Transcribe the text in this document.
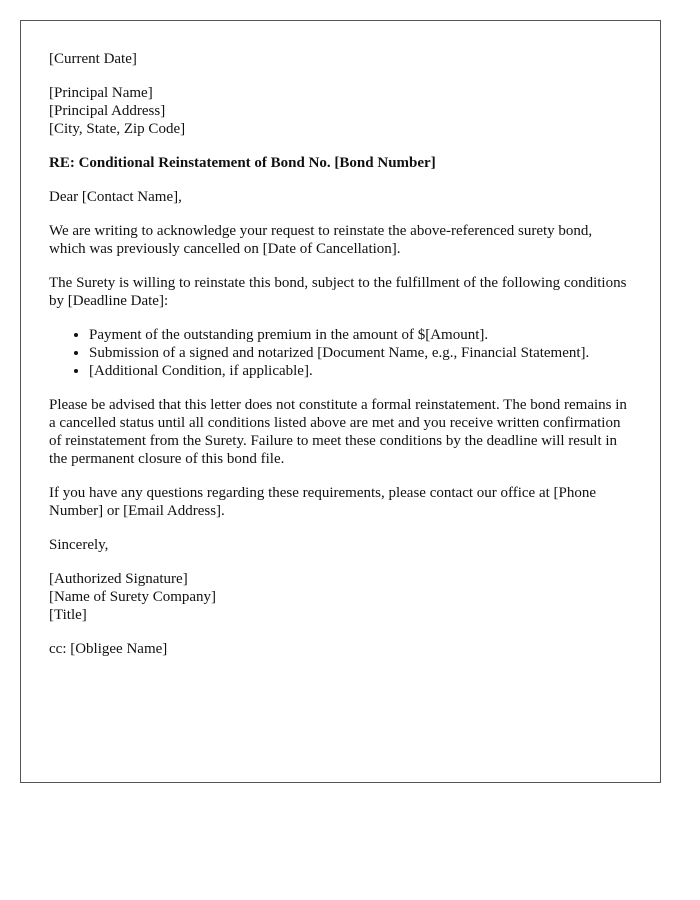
[Current Date]

[Principal Name]
[Principal Address]
[City, State, Zip Code]

RE: Conditional Reinstatement of Bond No. [Bond Number]

Dear [Contact Name],

We are writing to acknowledge your request to reinstate the above-referenced surety bond, which was previously cancelled on [Date of Cancellation].

The Surety is willing to reinstate this bond, subject to the fulfillment of the following conditions by [Deadline Date]:

• Payment of the outstanding premium in the amount of $[Amount].
• Submission of a signed and notarized [Document Name, e.g., Financial Statement].
• [Additional Condition, if applicable].

Please be advised that this letter does not constitute a formal reinstatement. The bond remains in a cancelled status until all conditions listed above are met and you receive written confirmation of reinstatement from the Surety. Failure to meet these conditions by the deadline will result in the permanent closure of this bond file.

If you have any questions regarding these requirements, please contact our office at [Phone Number] or [Email Address].

Sincerely,

[Authorized Signature]
[Name of Surety Company]
[Title]

cc: [Obligee Name]
